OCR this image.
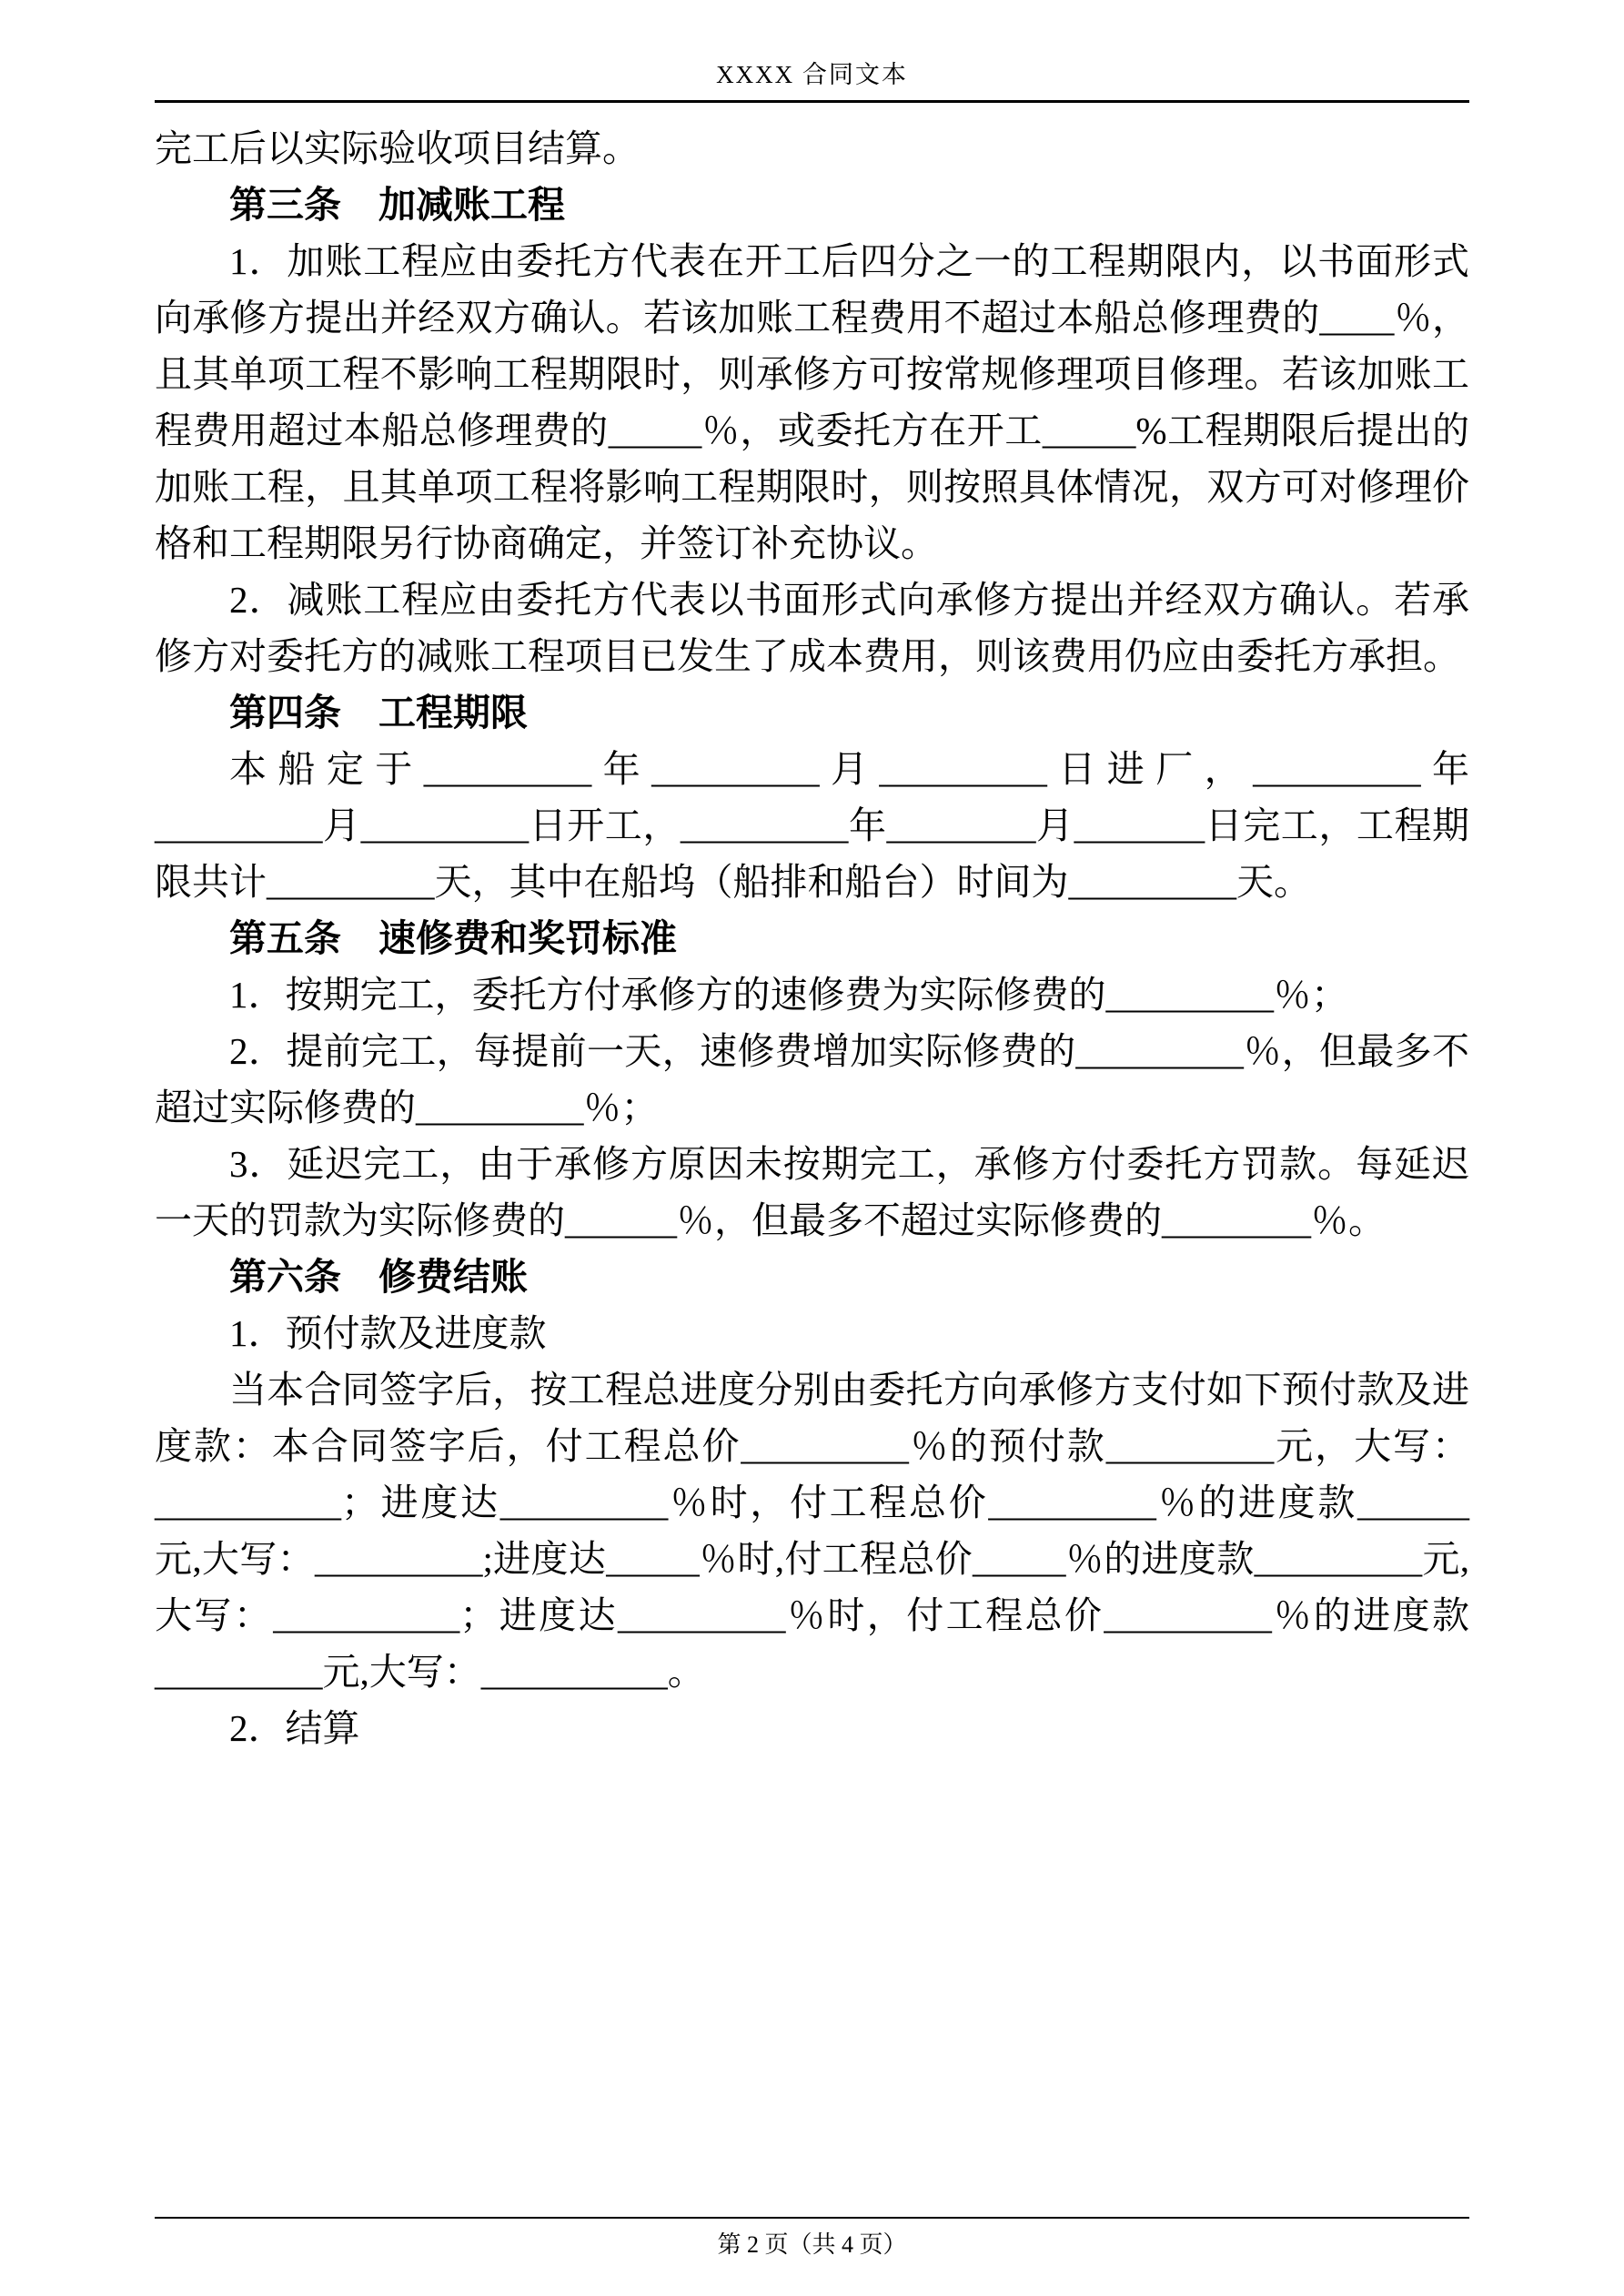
XXXX 合同文本

完工后以实际验收项目结算。

第三条　加减账工程

1．加账工程应由委托方代表在开工后四分之一的工程期限内，以书面形式向承修方提出并经双方确认。若该加账工程费用不超过本船总修理费的____％，且其单项工程不影响工程期限时，则承修方可按常规修理项目修理。若该加账工程费用超过本船总修理费的_____％，或委托方在开工_____%工程期限后提出的加账工程，且其单项工程将影响工程期限时，则按照具体情况，双方可对修理价格和工程期限另行协商确定，并签订补充协议。

2．减账工程应由委托方代表以书面形式向承修方提出并经双方确认。若承修方对委托方的减账工程项目已发生了成本费用，则该费用仍应由委托方承担。

第四条　工程期限

本船定于_________年_________月_________日进厂，_________年_________月_________日开工，_________年________月_______日完工，工程期限共计_________天，其中在船坞（船排和船台）时间为_________天。

第五条　速修费和奖罚标准

1．按期完工，委托方付承修方的速修费为实际修费的_________％；

2．提前完工，每提前一天，速修费增加实际修费的_________％，但最多不超过实际修费的_________％；

3．延迟完工，由于承修方原因未按期完工，承修方付委托方罚款。每延迟一天的罚款为实际修费的______％，但最多不超过实际修费的________％。

第六条　修费结账

1．预付款及进度款

当本合同签字后，按工程总进度分别由委托方向承修方支付如下预付款及进度款：本合同签字后，付工程总价_________％的预付款_________元，大写：__________；进度达_________％时，付工程总价_________％的进度款______元,大写：_________;进度达_____％时,付工程总价_____％的进度款_________元,大写：__________；进度达_________％时，付工程总价_________％的进度款_________元,大写：__________。

2．结算

第 2 页（共 4 页）
